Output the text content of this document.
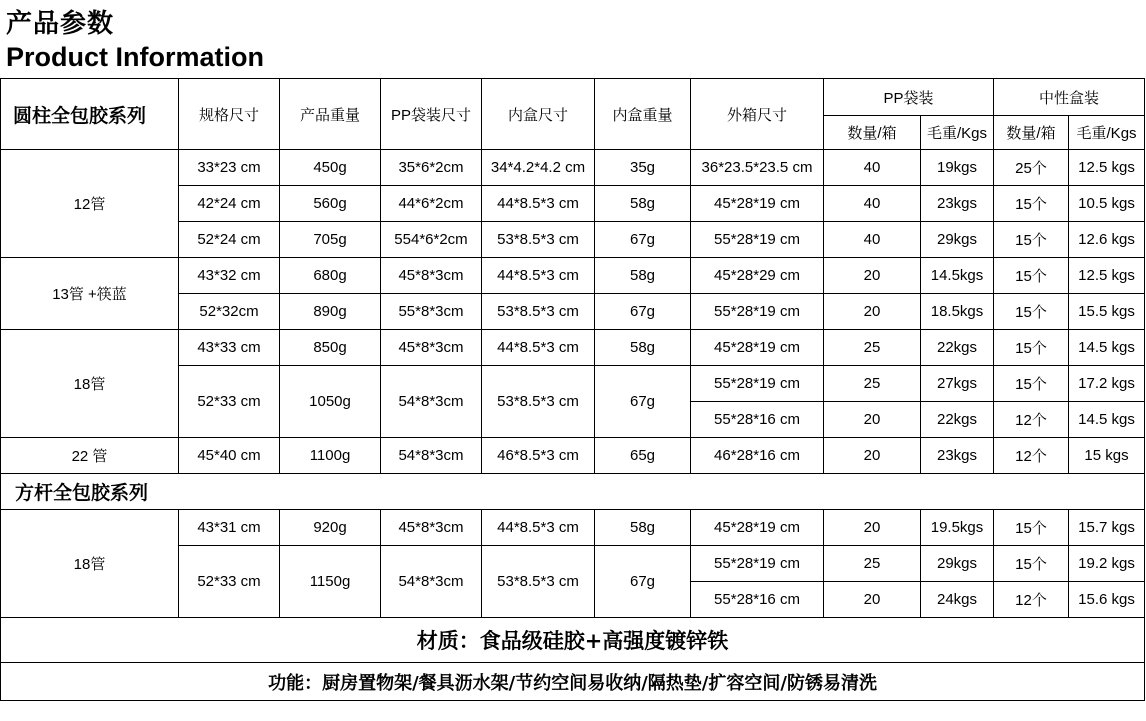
产品参数
Product Information
圆柱全包胶系列	规格尺寸	产品重量	PP袋装尺寸	内盒尺寸	内盒重量	外箱尺寸	PP袋装		中性盒装	
							数量/箱	毛重/Kgs	数量/箱	毛重/Kgs
12管	33*23 cm	450g	35*6*2cm	34*4.2*4.2 cm	35g	36*23.5*23.5 cm	40	19kgs	25个	12.5 kgs
	42*24 cm	560g	44*6*2cm	44*8.5*3 cm	58g	45*28*19 cm	40	23kgs	15个	10.5 kgs
	52*24 cm	705g	554*6*2cm	53*8.5*3 cm	67g	55*28*19 cm	40	29kgs	15个	12.6 kgs
13管 +筷蓝	43*32 cm	680g	45*8*3cm	44*8.5*3 cm	58g	45*28*29 cm	20	14.5kgs	15个	12.5 kgs
	52*32cm	890g	55*8*3cm	53*8.5*3 cm	67g	55*28*19 cm	20	18.5kgs	15个	15.5 kgs
18管	43*33 cm	850g	45*8*3cm	44*8.5*3 cm	58g	45*28*19 cm	25	22kgs	15个	14.5 kgs
	52*33 cm	1050g	54*8*3cm	53*8.5*3 cm	67g	55*28*19 cm	25	27kgs	15个	17.2 kgs
						55*28*16 cm	20	22kgs	12个	14.5 kgs
22 管	45*40 cm	1100g	54*8*3cm	46*8.5*3 cm	65g	46*28*16 cm	20	23kgs	12个	15 kgs
方杆全包胶系列										
18管	43*31 cm	920g	45*8*3cm	44*8.5*3 cm	58g	45*28*19 cm	20	19.5kgs	15个	15.7 kgs
	52*33 cm	1150g	54*8*3cm	53*8.5*3 cm	67g	55*28*19 cm	25	29kgs	15个	19.2 kgs
						55*28*16 cm	20	24kgs	12个	15.6 kgs
材质：食品级硅胶+高强度镀锌铁										
功能：厨房置物架/餐具沥水架/节约空间易收纳/隔热垫/扩容空间/防锈易清洗										
